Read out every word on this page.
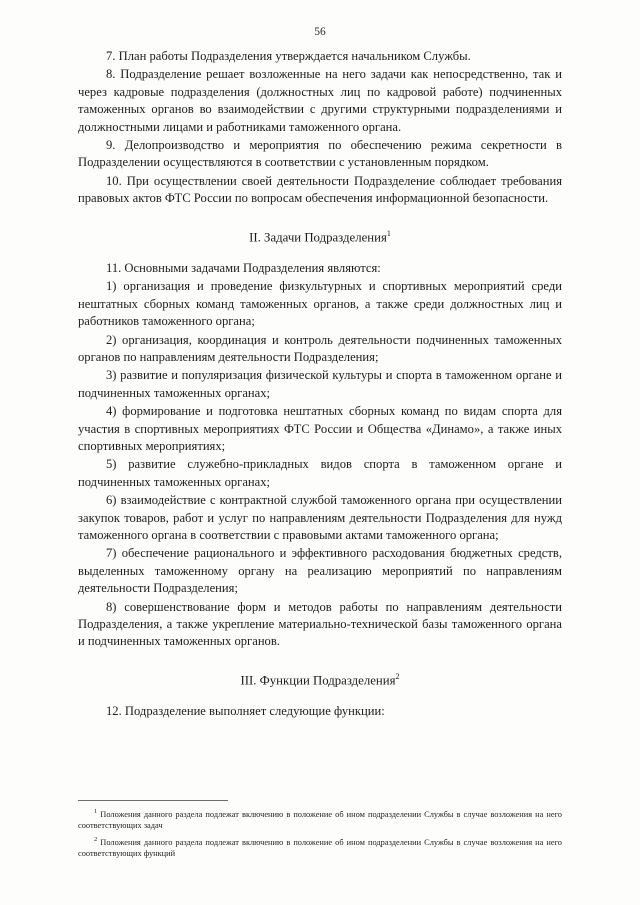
56

7. План работы Подразделения утверждается начальником Службы.

8. Подразделение решает возложенные на него задачи как непосредственно, так и через кадровые подразделения (должностных лиц по кадровой работе) подчиненных таможенных органов во взаимодействии с другими структурными подразделениями и должностными лицами и работниками таможенного органа.

9. Делопроизводство и мероприятия по обеспечению режима секретности в Подразделении осуществляются в соответствии с установленным порядком.

10. При осуществлении своей деятельности Подразделение соблюдает требования правовых актов ФТС России по вопросам обеспечения информационной безопасности.

II. Задачи Подразделения$^1$

11. Основными задачами Подразделения являются:

1) организация и проведение физкультурных и спортивных мероприятий среди нештатных сборных команд таможенных органов, а также среди должностных лиц и работников таможенного органа;

2) организация, координация и контроль деятельности подчиненных таможенных органов по направлениям деятельности Подразделения;

3) развитие и популяризация физической культуры и спорта в таможенном органе и подчиненных таможенных органах;

4) формирование и подготовка нештатных сборных команд по видам спорта для участия в спортивных мероприятиях ФТС России и Общества «Динамо», а также иных спортивных мероприятиях;

5) развитие служебно-прикладных видов спорта в таможенном органе и подчиненных таможенных органах;

6) взаимодействие с контрактной службой таможенного органа при осуществлении закупок товаров, работ и услуг по направлениям деятельности Подразделения для нужд таможенного органа в соответствии с правовыми актами таможенного органа;

7) обеспечение рационального и эффективного расходования бюджетных средств, выделенных таможенному органу на реализацию мероприятий по направлениям деятельности Подразделения;

8) совершенствование форм и методов работы по направлениям деятельности Подразделения, а также укрепление материально-технической базы таможенного органа и подчиненных таможенных органов.

III. Функции Подразделения$^2$

12. Подразделение выполняет следующие функции:

$^1$ Положения данного раздела подлежат включению в положение об ином подразделении Службы в случае возложения на него соответствующих задач

$^2$ Положения данного раздела подлежат включению в положение об ином подразделении Службы в случае возложения на него соответствующих функций
